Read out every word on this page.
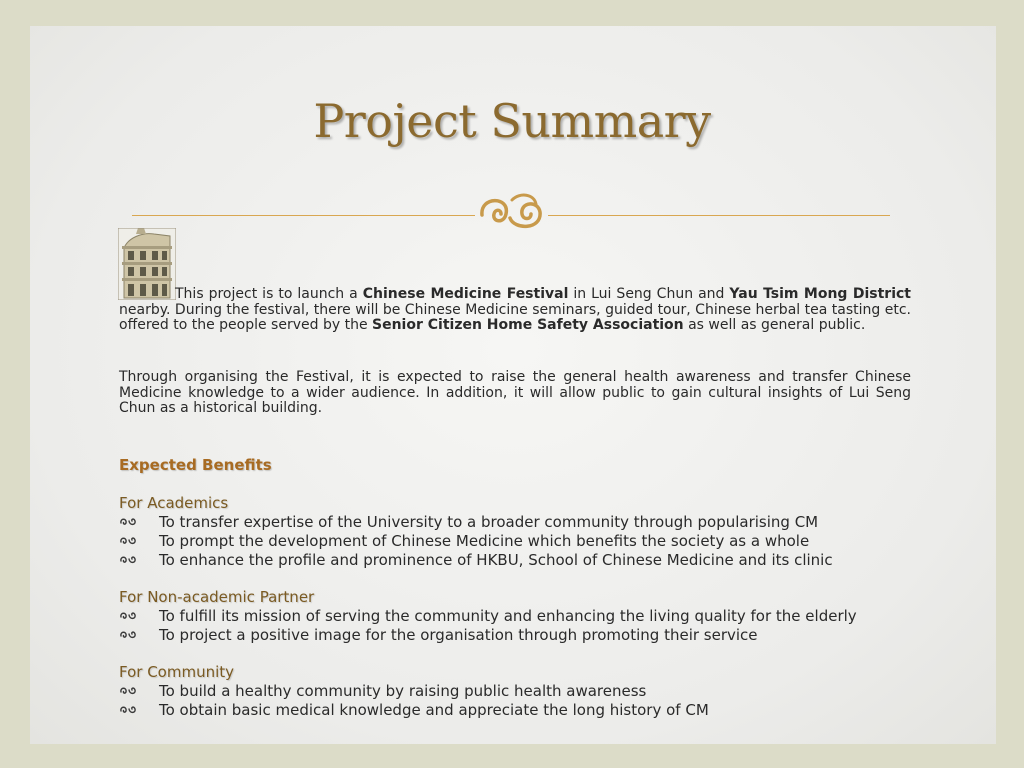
Project Summary

This project is to launch a Chinese Medicine Festival in Lui Seng Chun and Yau Tsim Mong District nearby. During the festival, there will be Chinese Medicine seminars, guided tour, Chinese herbal tea tasting etc. offered to the people served by the Senior Citizen Home Safety Association as well as general public.

Through organising the Festival, it is expected to raise the general health awareness and transfer Chinese Medicine knowledge to a wider audience. In addition, it will allow public to gain cultural insights of Lui Seng Chun as a historical building.

Expected Benefits
For Academics
To transfer expertise of the University to a broader community through popularising CM
To prompt the development of Chinese Medicine which benefits the society as a whole
To enhance the profile and prominence of HKBU, School of Chinese Medicine and its clinic
For Non-academic Partner
To fulfill its mission of serving the community and enhancing the living quality for the elderly
To project a positive image for the organisation through promoting their service
For Community
To build a healthy community by raising public health awareness
To obtain basic medical knowledge and appreciate the long history of CM
